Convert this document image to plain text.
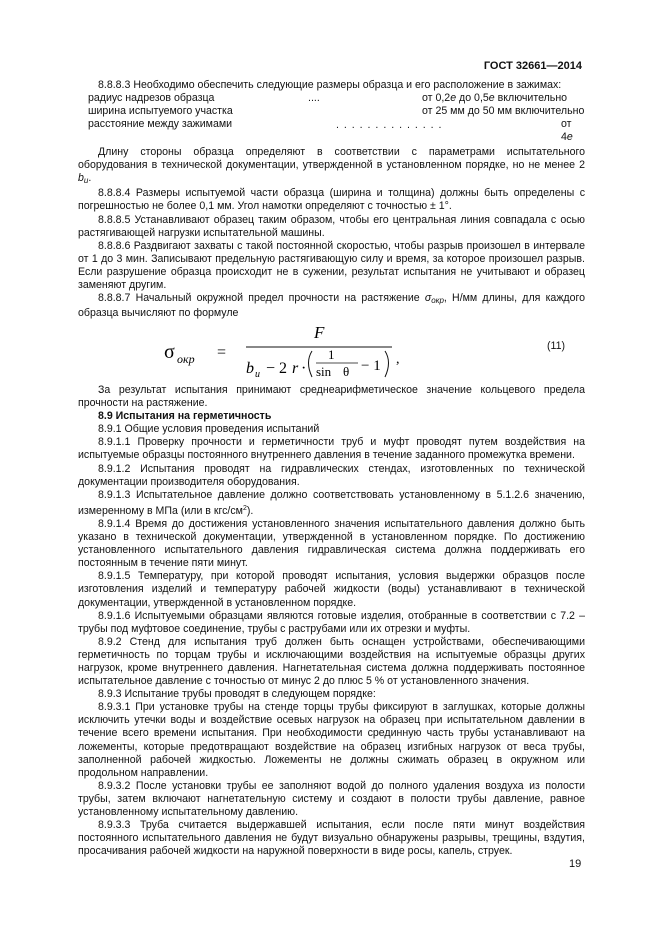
ГОСТ 32661—2014

8.8.8.3 Необходимо обеспечить следующие размеры образца и его расположение в зажимах:

радиус надрезов образца	....	от 0,2e до 0,5e включительно
ширина испытуемого участка	от 25 мм до 50 мм включительно
расстояние между зажимами	. . . . . . . . . . . . . .	от
4e

Длину стороны образца определяют в соответствии с параметрами испытательного оборудования в технической документации, утвержденной в установленном порядке, но не менее 2 $b_u$.

8.8.8.4 Размеры испытуемой части образца (ширина и толщина) должны быть определены с погрешностью не более 0,1 мм. Угол намотки определяют с точностью ± 1°.

8.8.8.5 Устанавливают образец таким образом, чтобы его центральная линия совпадала с осью растягивающей нагрузки испытательной машины.

8.8.8.6 Раздвигают захваты с такой постоянной скоростью, чтобы разрыв произошел в интервале от 1 до 3 мин. Записывают предельную растягивающую силу и время, за которое произошел разрыв. Если разрушение образца происходит не в сужении, результат испытания не учитывают и образец заменяют другим.

8.8.8.7 Начальный окружной предел прочности на растяжение $\sigma_{окр}$, Н/мм длины, для каждого образца вычисляют по формуле

σ окр =
F
b u − 2 r ·
1
sin θ − 1 ,
(11)

За результат испытания принимают среднеарифметическое значение кольцевого предела прочности на растяжение.

8.9 Испытания на герметичность

8.9.1 Общие условия проведения испытаний

8.9.1.1 Проверку прочности и герметичности труб и муфт проводят путем воздействия на испытуемые образцы постоянного внутреннего давления в течение заданного промежутка времени.

8.9.1.2 Испытания проводят на гидравлических стендах, изготовленных по технической документации производителя оборудования.

8.9.1.3 Испытательное давление должно соответствовать установленному в 5.1.2.6 значению, измеренному в МПа (или в кгс/$см^2$).

8.9.1.4 Время до достижения установленного значения испытательного давления должно быть указано в технической документации, утвержденной в установленном порядке. По достижению установленного испытательного давления гидравлическая система должна поддерживать его постоянным в течение пяти минут.

8.9.1.5 Температуру, при которой проводят испытания, условия выдержки образцов после изготовления изделий и температуру рабочей жидкости (воды) устанавливают в технической документации, утвержденной в установленном порядке.

8.9.1.6 Испытуемыми образцами являются готовые изделия, отобранные в соответствии с 7.2 – трубы под муфтовое соединение, трубы с раструбами или их отрезки и муфты.

8.9.2 Стенд для испытания труб должен быть оснащен устройствами, обеспечивающими герметичность по торцам трубы и исключающими воздействия на испытуемые образцы других нагрузок, кроме внутреннего давления. Нагнетательная система должна поддерживать постоянное испытательное давление с точностью от минус 2 до плюс 5 % от установленного значения.

8.9.3 Испытание трубы проводят в следующем порядке:

8.9.3.1 При установке трубы на стенде торцы трубы фиксируют в заглушках, которые должны исключить утечки воды и воздействие осевых нагрузок на образец при испытательном давлении в течение всего времени испытания. При необходимости срединную часть трубы устанавливают на ложементы, которые предотвращают воздействие на образец изгибных нагрузок от веса трубы, заполненной рабочей жидкостью. Ложементы не должны сжимать образец в окружном или продольном направлении.

8.9.3.2 После установки трубы ее заполняют водой до полного удаления воздуха из полости трубы, затем включают нагнетательную систему и создают в полости трубы давление, равное установленному испытательному давлению.

8.9.3.3 Труба считается выдержавшей испытания, если после пяти минут воздействия постоянного испытательного давления не будут визуально обнаружены разрывы, трещины, вздутия, просачивания рабочей жидкости на наружной поверхности в виде росы, капель, струек.

19
